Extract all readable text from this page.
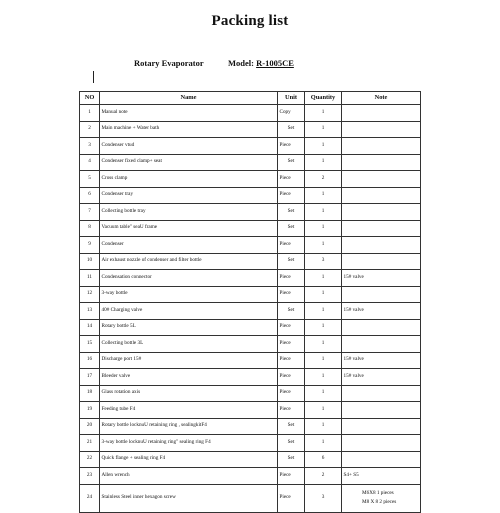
Packing list
Rotary Evaporator	Model: R-1005CE
NO	Name	Unit	Quantity	Note
1	Manual note	Copy	1	
2	Main machine + Water bath	Set	1	
3	Condenser vtud	Piece	1	
4	Condenser fixed clamp+ seat	Set	1	
5	Cross clamp	Piece	2	
6	Condenser tray	Piece	1	
7	Collecting bottle tray	Set	1	
8	Vacuum table" seaU frame	Set	1	
9	Condenser	Piece	1	
10	Air exhaust nozzle of condenser and filter bottle	Set	3	
11	Condensation connector	Piece	1	15# valve
12	3-way bottle	Piece	1	
13	40# Charging valve	Set	1	15# valve
14	Rotary bottle 5L	Piece	1	
15	Collecting bottle 3L	Piece	1	
16	Discharge port 15#	Piece	1	15# valve
17	Bleeder valve	Piece	1	15# valve
18	Glass rotation axis	Piece	1	
19	Feeding tube F4	Piece	1	
20	Rotary bottle locknuU retaining ring , sealingkitF4	Set	1	
21	3-way bottle locknuU retaining ring" sealing ring F4	Set	1	
22	Quick flange + sealing ring F4	Set	6	
23	Allen wrench	Piece	2	S4+ S5
24	Stainless Steel inner hexagon screw	Piece	3	M6X8 1 pieces
M8 X 8 2 pieces
